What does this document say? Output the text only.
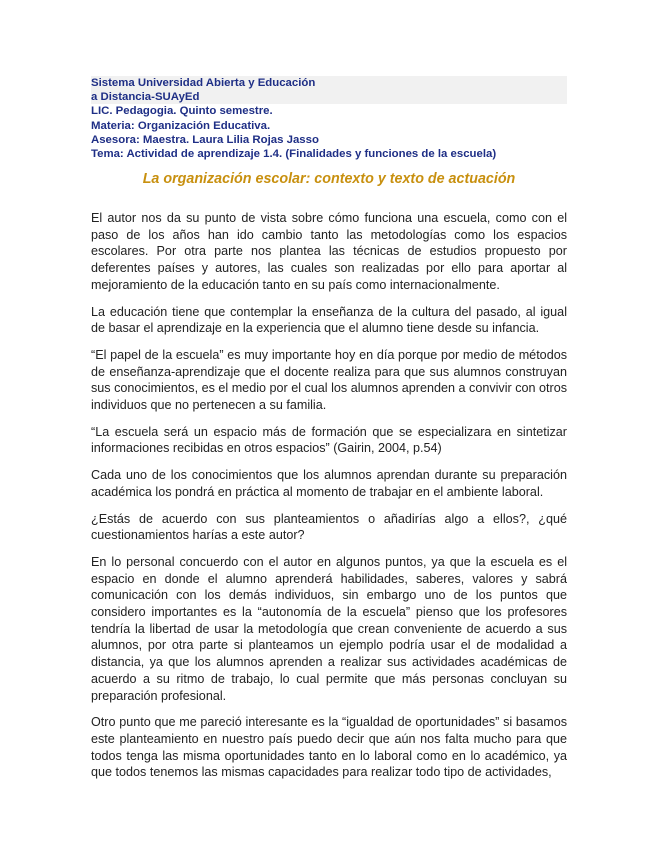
Sistema Universidad Abierta y Educación
a Distancia-SUAyEd
LIC. Pedagogia. Quinto semestre.
Materia: Organización Educativa.
Asesora: Maestra. Laura Lilia Rojas Jasso
Tema: Actividad de aprendizaje 1.4. (Finalidades y funciones de la escuela)
La organización escolar: contexto y texto de actuación

El autor nos da su punto de vista sobre cómo funciona una escuela, como con el paso de los años han ido cambio tanto las metodologías como los espacios escolares. Por otra parte nos plantea las técnicas de estudios propuesto por deferentes países y autores, las cuales son realizadas por ello para aportar al mejoramiento de la educación tanto en su país como internacionalmente.

La educación tiene que contemplar la enseñanza de la cultura del pasado, al igual de basar el aprendizaje en la experiencia que el alumno tiene desde su infancia.

“El papel de la escuela” es muy importante hoy en día porque por medio de métodos de enseñanza-aprendizaje que el docente realiza para que sus alumnos construyan sus conocimientos, es el medio por el cual los alumnos aprenden a convivir con otros individuos que no pertenecen a su familia.

“La escuela será un espacio más de formación que se especializara en sintetizar informaciones recibidas en otros espacios” (Gairin, 2004, p.54)

Cada uno de los conocimientos que los alumnos aprendan durante su preparación académica los pondrá en práctica al momento de trabajar en el ambiente laboral.

¿Estás de acuerdo con sus planteamientos o añadirías algo a ellos?, ¿qué cuestionamientos harías a este autor?

En lo personal concuerdo con el autor en algunos puntos, ya que la escuela es el espacio en donde el alumno aprenderá habilidades, saberes, valores y sabrá comunicación con los demás individuos, sin embargo uno de los puntos que considero importantes es la “autonomía de la escuela” pienso que los profesores tendría la libertad de usar la metodología que crean conveniente de acuerdo a sus alumnos, por otra parte si planteamos un ejemplo podría usar el de modalidad a distancia, ya que los alumnos aprenden a realizar sus actividades académicas de acuerdo a su ritmo de trabajo, lo cual permite que más personas concluyan su preparación profesional.

Otro punto que me pareció interesante es la “igualdad de oportunidades” si basamos este planteamiento en nuestro país puedo decir que aún nos falta mucho para que todos tenga las misma oportunidades tanto en lo laboral como en lo académico, ya que todos tenemos las mismas capacidades para realizar todo tipo de actividades,
